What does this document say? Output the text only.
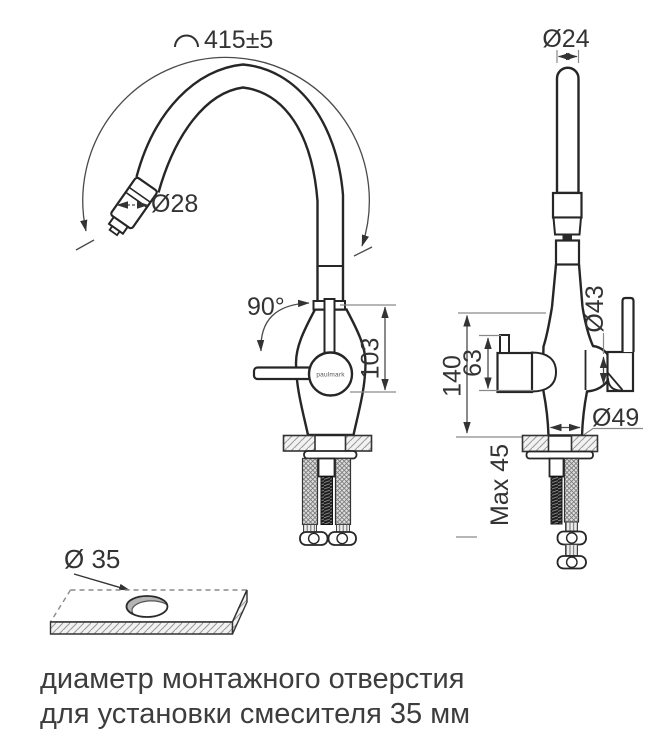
415±5
Ø28
90°
paulmark 103
Ø24
Ø43
140
63
Ø49
Max 45
Ø 35
диаметр монтажного отверстия
для установки смесителя 35 мм
